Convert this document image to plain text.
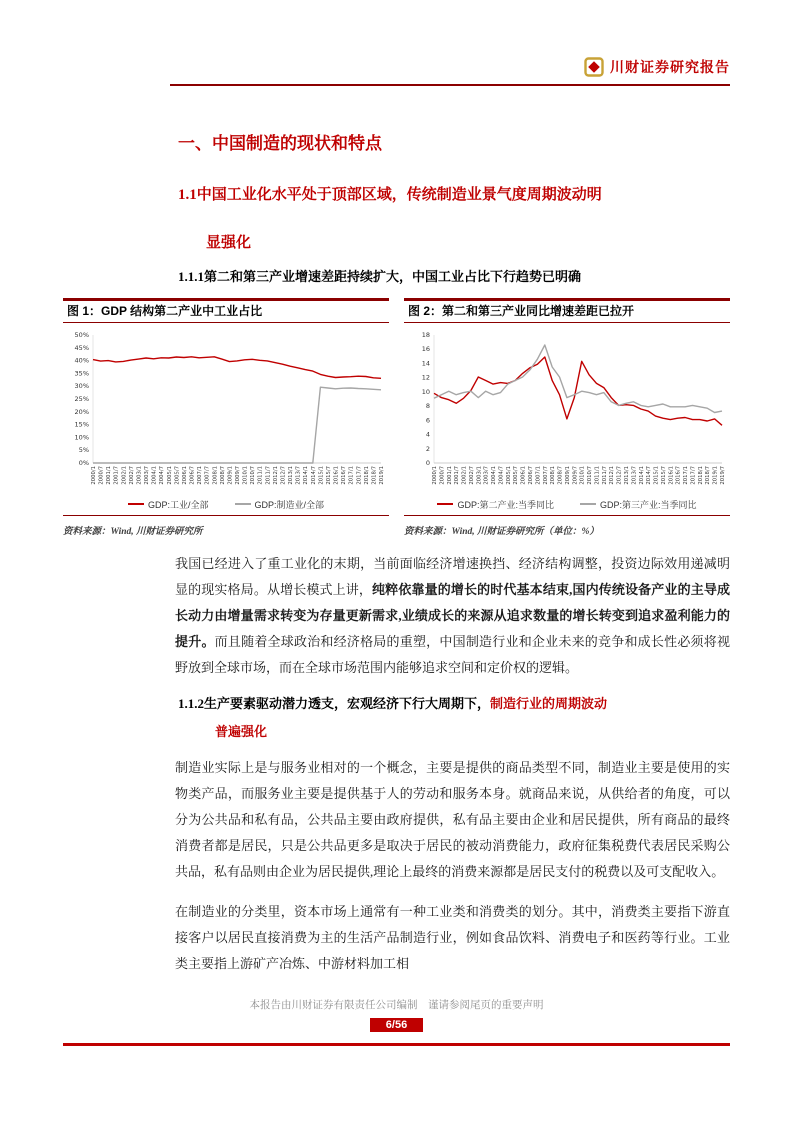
川财证券研究报告
一、中国制造的现状和特点
1.1中国工业化水平处于顶部区域，传统制造业景气度周期波动明
显强化
1.1.1第二和第三产业增速差距持续扩大，中国工业占比下行趋势已明确
图 1：GDP 结构第二产业中工业占比
0%
5%
10%
15%
20%
25%
30%
35%
40%
45%
50%
2000/1 2000/7 2001/1 2001/7 2002/1 2002/7 2003/1 2003/7 2004/1 2004/7 2005/1 2005/7 2006/1 2006/7 2007/1 2007/7 2008/1 2008/7 2009/1 2009/7 2010/1 2010/7 2011/1 2011/7 2012/1 2012/7 2013/1 2013/7 2014/1 2014/7 2015/1 2015/7 2016/1 2016/7 2017/1 2017/7 2018/1 2018/7 2019/1
GDP:工业/全部	GDP:制造业/全部
资料来源：Wind, 川财证券研究所
图 2：第二和第三产业同比增速差距已拉开
0
2
4
6
8
10
12
14
16
18
2000/1 2000/7 2001/1 2001/7 2002/1 2002/7 2003/1 2003/7 2004/1 2004/7 2005/1 2005/7 2006/1 2006/7 2007/1 2007/7 2008/1 2008/7 2009/1 2009/7 2010/1 2010/7 2011/1 2011/7 2012/1 2012/7 2013/1 2013/7 2014/1 2014/7 2015/1 2015/7 2016/1 2016/7 2017/1 2017/7 2018/1 2018/7 2019/1 2019/7
GDP:第二产业:当季同比	GDP:第三产业:当季同比
资料来源：Wind, 川财证券研究所（单位：%）

我国已经进入了重工业化的末期，当前面临经济增速换挡、经济结构调整，投资边际效用递减明显的现实格局。从增长模式上讲，纯粹依靠量的增长的时代基本结束,国内传统设备产业的主导成长动力由增量需求转变为存量更新需求,业绩成长的来源从追求数量的增长转变到追求盈利能力的提升。而且随着全球政治和经济格局的重塑，中国制造行业和企业未来的竞争和成长性必须将视野放到全球市场，而在全球市场范围内能够追求空间和定价权的逻辑。

1.1.2生产要素驱动潜力透支，宏观经济下行大周期下，制造行业的周期波动
普遍强化

制造业实际上是与服务业相对的一个概念，主要是提供的商品类型不同，制造业主要是使用的实物类产品，而服务业主要是提供基于人的劳动和服务本身。就商品来说，从供给者的角度，可以分为公共品和私有品，公共品主要由政府提供，私有品主要由企业和居民提供，所有商品的最终消费者都是居民，只是公共品更多是取决于居民的被动消费能力，政府征集税费代表居民采购公共品，私有品则由企业为居民提供,理论上最终的消费来源都是居民支付的税费以及可支配收入。

在制造业的分类里，资本市场上通常有一种工业类和消费类的划分。其中，消费类主要指下游直接客户以居民直接消费为主的生活产品制造行业，例如食品饮料、消费电子和医药等行业。工业类主要指上游矿产冶炼、中游材料加工相

本报告由川财证券有限责任公司编制　谨请参阅尾页的重要声明
6/56
